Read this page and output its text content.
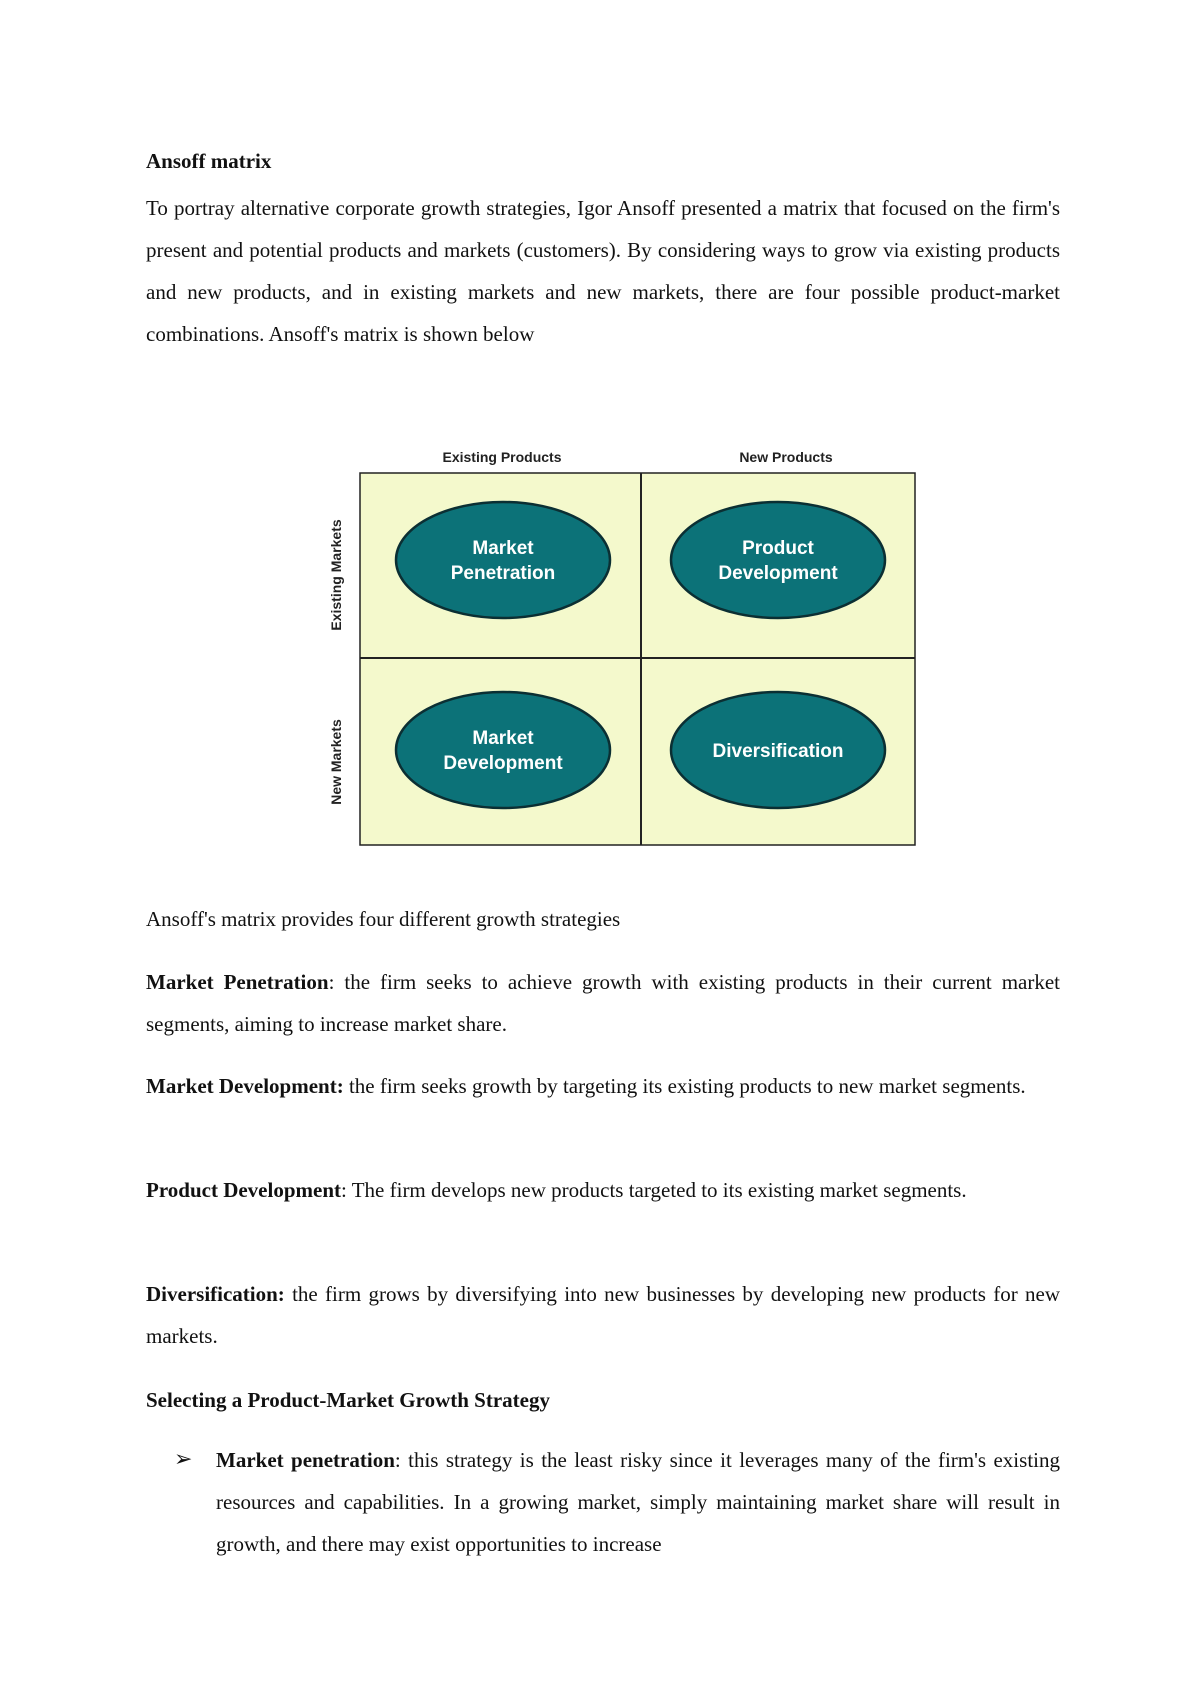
Ansoff matrix

To portray alternative corporate growth strategies, Igor Ansoff presented a matrix that focused on the firm's present and potential products and markets (customers). By considering ways to grow via existing products and new products, and in existing markets and new markets, there are four possible product-market combinations. Ansoff's matrix is shown below

Existing Products	New Products
Existing Markets
New Markets
Market
Penetration
Product
Development
Market
Development
Diversification

Ansoff's matrix provides four different growth strategies

Market Penetration: the firm seeks to achieve growth with existing products in their current market segments, aiming to increase market share.

Market Development: the firm seeks growth by targeting its existing products to new market segments.

Product Development: The firm develops new products targeted to its existing market segments.

Diversification: the firm grows by diversifying into new businesses by developing new products for new markets.

Selecting a Product-Market Growth Strategy
➢ Market penetration: this strategy is the least risky since it leverages many of the firm's existing resources and capabilities. In a growing market, simply maintaining market share will result in growth, and there may exist opportunities to increase
